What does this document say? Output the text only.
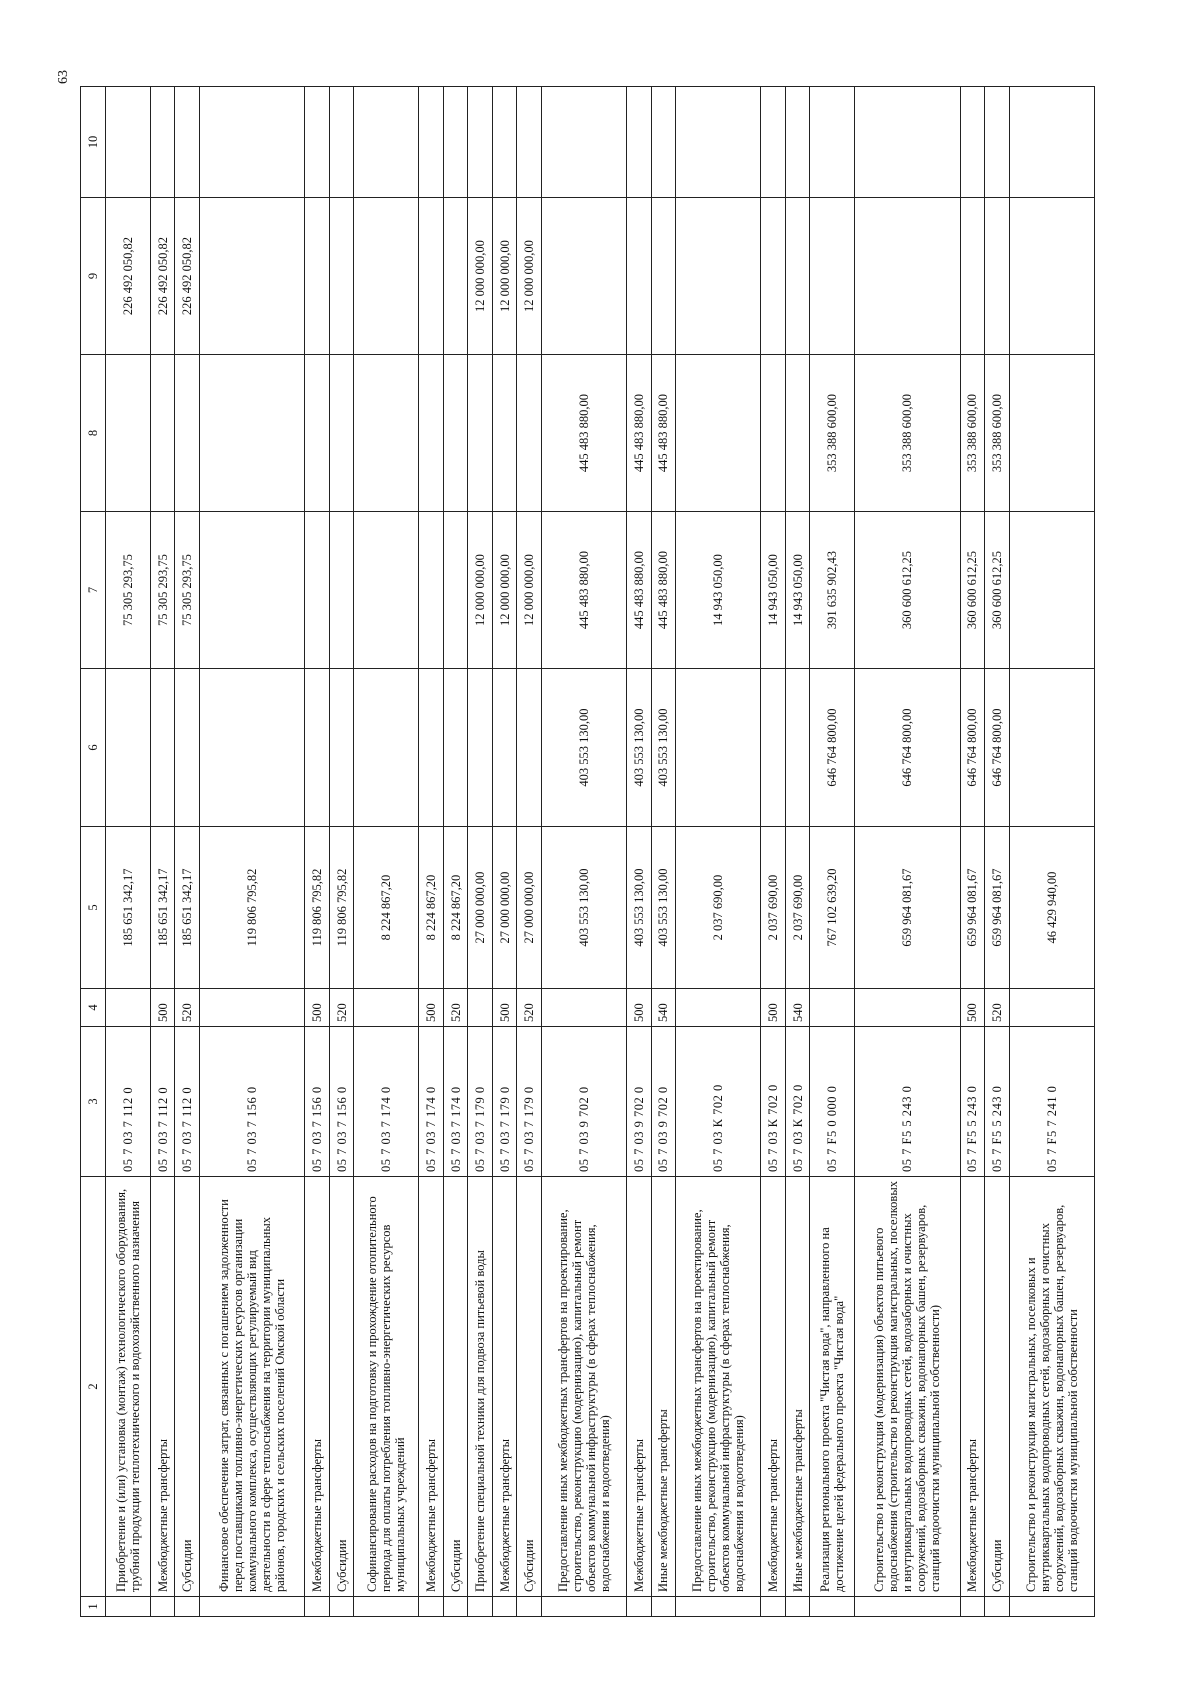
1	2	3	4	5	6	7	8	9	10
	Приобретение и (или) установка (монтаж) технологического оборудования, трубной продукции теплотехнического и водохозяйственного назначения	05 7 03 7 112 0		185 651 342,17		75 305 293,75		226 492 050,82	
	Межбюджетные трансферты	05 7 03 7 112 0	500	185 651 342,17		75 305 293,75		226 492 050,82	
	Субсидии	05 7 03 7 112 0	520	185 651 342,17		75 305 293,75		226 492 050,82	
	Финансовое обеспечение затрат, связанных с погашением задолженности перед поставщиками топливно-энергетических ресурсов организации коммунального комплекса, осуществляющих регулируемый вид деятельности в сфере теплоснабжения на территории муниципальных районов, городских и сельских поселений Омской области	05 7 03 7 156 0		119 806 795,82					
	Межбюджетные трансферты	05 7 03 7 156 0	500	119 806 795,82					
	Субсидии	05 7 03 7 156 0	520	119 806 795,82					
	Софинансирование расходов на подготовку и прохождение отопительного периода для оплаты потребления топливно-энергетических ресурсов муниципальных учреждений	05 7 03 7 174 0		8 224 867,20					
	Межбюджетные трансферты	05 7 03 7 174 0	500	8 224 867,20					
	Субсидии	05 7 03 7 174 0	520	8 224 867,20					
	Приобретение специальной техники для подвоза питьевой воды	05 7 03 7 179 0		27 000 000,00		12 000 000,00		12 000 000,00	
	Межбюджетные трансферты	05 7 03 7 179 0	500	27 000 000,00		12 000 000,00		12 000 000,00	
	Субсидии	05 7 03 7 179 0	520	27 000 000,00		12 000 000,00		12 000 000,00	
	Предоставление иных межбюджетных трансфертов на проектирование, строительство, реконструкцию (модернизацию), капитальный ремонт объектов коммунальной инфраструктуры (в сферах теплоснабжения, водоснабжения и водоотведения)	05 7 03 9 702 0		403 553 130,00	403 553 130,00	445 483 880,00	445 483 880,00		
	Межбюджетные трансферты	05 7 03 9 702 0	500	403 553 130,00	403 553 130,00	445 483 880,00	445 483 880,00		
	Иные межбюджетные трансферты	05 7 03 9 702 0	540	403 553 130,00	403 553 130,00	445 483 880,00	445 483 880,00		
	Предоставление иных межбюджетных трансфертов на проектирование, строительство, реконструкцию (модернизацию), капитальный ремонт объектов коммунальной инфраструктуры (в сферах теплоснабжения, водоснабжения и водоотведения)	05 7 03 К 702 0		2 037 690,00		14 943 050,00			
	Межбюджетные трансферты	05 7 03 К 702 0	500	2 037 690,00		14 943 050,00			
	Иные межбюджетные трансферты	05 7 03 К 702 0	540	2 037 690,00		14 943 050,00			
	Реализация регионального проекта "Чистая вода", направленного на достижение целей федерального проекта "Чистая вода"	05 7 F5 0 000 0		767 102 639,20	646 764 800,00	391 635 902,43	353 388 600,00		
	Строительство и реконструкция (модернизация) объектов питьевого водоснабжения (строительство и реконструкция магистральных, поселковых и внутриквартальных водопроводных сетей, водозаборных и очистных сооружений, водозаборных скважин, водонапорных башен, резервуаров, станций водоочистки муниципальной собственности)	05 7 F5 5 243 0		659 964 081,67	646 764 800,00	360 600 612,25	353 388 600,00		
	Межбюджетные трансферты	05 7 F5 5 243 0	500	659 964 081,67	646 764 800,00	360 600 612,25	353 388 600,00		
	Субсидии	05 7 F5 5 243 0	520	659 964 081,67	646 764 800,00	360 600 612,25	353 388 600,00		
	Строительство и реконструкция магистральных, поселковых и внутриквартальных водопроводных сетей, водозаборных и очистных сооружений, водозаборных скважин, водонапорных башен, резервуаров, станций водоочистки муниципальной собственности	05 7 F5 7 241 0		46 429 940,00					
63
